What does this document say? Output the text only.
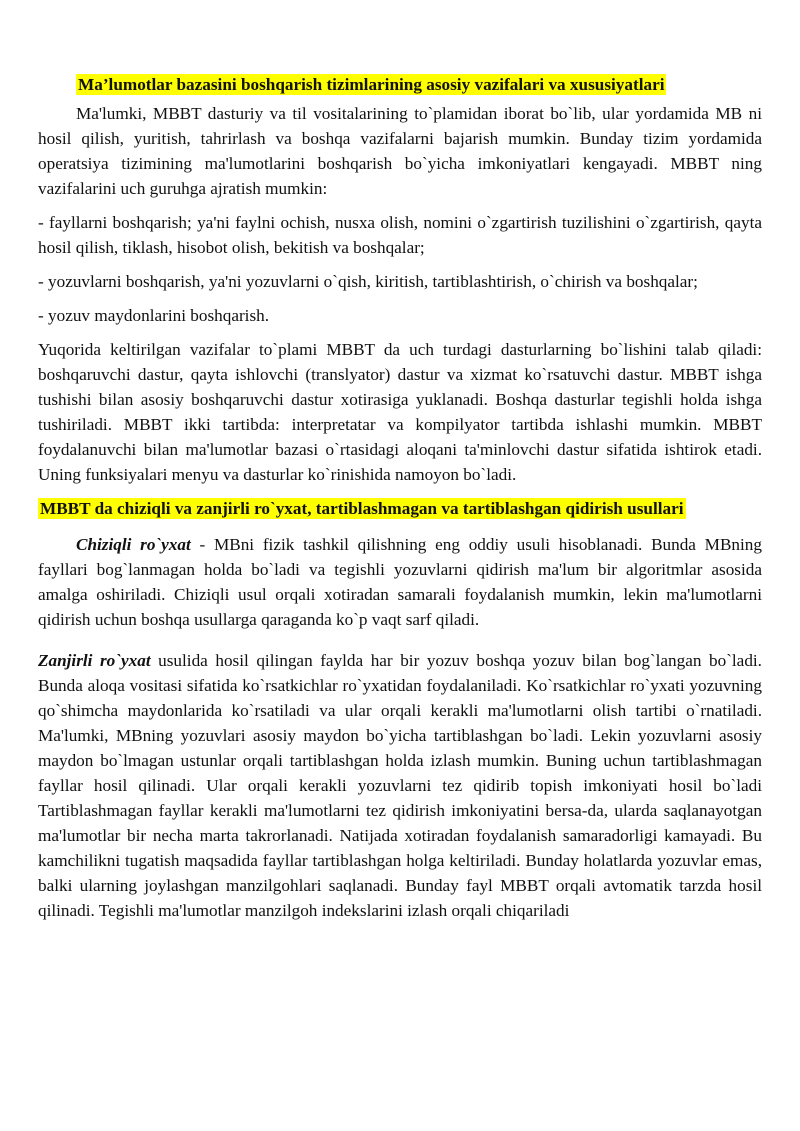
Ma’lumotlar bazasini boshqarish tizimlarining asosiy vazifalari va xususiyatlari

Ma'lumki, MBBT dasturiy va til vositalarining to`plamidan iborat bo`lib, ular yordamida MB ni hosil qilish, yuritish, tahrirlash va boshqa vazifalarni bajarish mumkin. Bunday tizim yordamida operatsiya tizimining ma'lumotlarini boshqarish bo`yicha imkoniyatlari kengayadi. MBBT ning vazifalarini uch guruhga ajratish mumkin:

- fayllarni boshqarish; ya'ni faylni ochish, nusxa olish, nomini o`zgartirish tuzilishini o`zgartirish, qayta hosil qilish, tiklash, hisobot olish, bekitish va boshqalar;

- yozuvlarni boshqarish, ya'ni yozuvlarni o`qish, kiritish, tartiblashtirish, o`chirish va boshqalar;

- yozuv maydonlarini boshqarish.

Yuqorida keltirilgan vazifalar to`plami MBBT da uch turdagi dasturlarning bo`lishini talab qiladi: boshqaruvchi dastur, qayta ishlovchi (translyator) dastur va xizmat ko`rsatuvchi dastur. MBBT ishga tushishi bilan asosiy boshqaruvchi dastur xotirasiga yuklanadi. Boshqa dasturlar tegishli holda ishga tushiriladi. MBBT ikki tartibda: interpretatar va kompilyator tartibda ishlashi mumkin. MBBT foydalanuvchi bilan ma'lumotlar bazasi o`rtasidagi aloqani ta'minlovchi dastur sifatida ishtirok etadi. Uning funksiyalari menyu va dasturlar ko`rinishida namoyon bo`ladi.

MBBT da chiziqli va zanjirli ro`yxat, tartiblashmagan va tartiblashgan qidirish usullari

Chiziqli ro`yxat - MBni fizik tashkil qilishning eng oddiy usuli hisoblanadi. Bunda MBning fayllari bog`lanmagan holda bo`ladi va tegishli yozuvlarni qidirish ma'lum bir algoritmlar asosida amalga oshiriladi. Chiziqli usul orqali xotiradan samarali foydalanish mumkin, lekin ma'lumotlarni qidirish uchun boshqa usullarga qaraganda ko`p vaqt sarf qiladi.

Zanjirli ro`yxat usulida hosil qilingan faylda har bir yozuv boshqa yozuv bilan bog`langan bo`ladi. Bunda aloqa vositasi sifatida ko`rsatkichlar ro`yxatidan foydalaniladi. Ko`rsatkichlar ro`yxati yozuvning qo`shimcha maydonlarida ko`rsatiladi va ular orqali kerakli ma'lumotlarni olish tartibi o`rnatiladi. Ma'lumki, MBning yozuvlari asosiy maydon bo`yicha tartiblashgan bo`ladi. Lekin yozuvlarni asosiy maydon bo`lmagan ustunlar orqali tartiblashgan holda izlash mumkin. Buning uchun tartiblashmagan fayllar hosil qilinadi. Ular orqali kerakli yozuvlarni tez qidirib topish imkoniyati hosil bo`ladi Tartiblashmagan fayllar kerakli ma'lumotlarni tez qidirish imkoniyatini bersa-da, ularda saqlanayotgan ma'lumotlar bir necha marta takrorlanadi. Natijada xotiradan foydalanish samaradorligi kamayadi. Bu kamchilikni tugatish maqsadida fayllar tartiblashgan holga keltiriladi. Bunday holatlarda yozuvlar emas, balki ularning joylashgan manzilgohlari saqlanadi. Bunday fayl MBBT orqali avtomatik tarzda hosil qilinadi. Tegishli ma'lumotlar manzilgoh indekslarini izlash orqali chiqariladi
